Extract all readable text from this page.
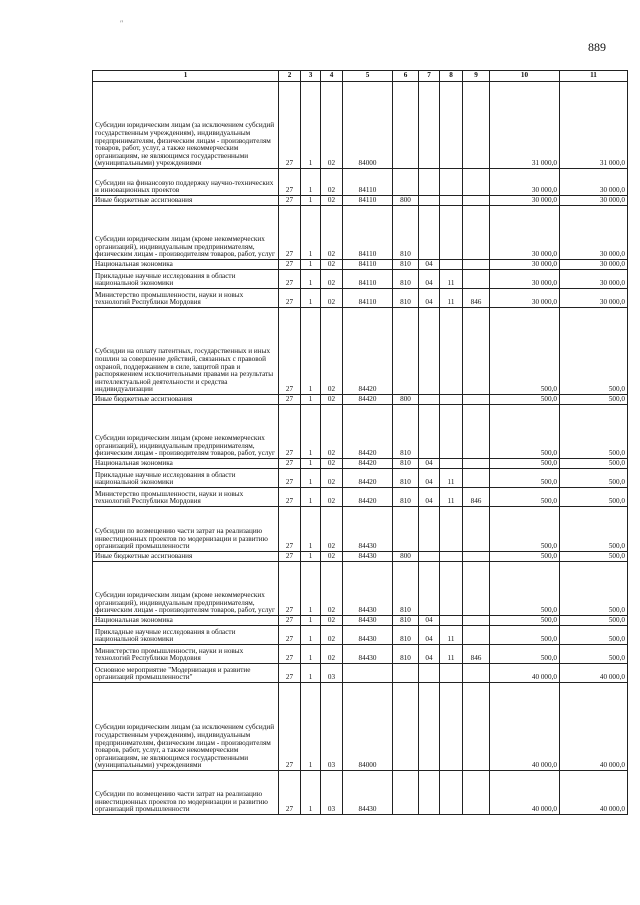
″
889
1	2	3	4	5	6	7	8	9	10	11
Субсидии юридическим лицам (за исключением субсидий государственным учреждениям), индивидуальным предпринимателям, физическим лицам - производителям товаров, работ, услуг, а также некоммерческим организациям, не являющимся государственными (муниципальными) учреждениями	27	1	02	84000					31 000,0	31 000,0
Субсидии на финансовую поддержку научно-технических и инновационных проектов	27	1	02	84110					30 000,0	30 000,0
Иные бюджетные ассигнования	27	1	02	84110	800				30 000,0	30 000,0
Субсидии юридическим лицам (кроме некоммерческих организаций), индивидуальным предпринимателям, физическим лицам - производителям товаров, работ, услуг	27	1	02	84110	810				30 000,0	30 000,0
Национальная экономика	27	1	02	84110	810	04			30 000,0	30 000,0
Прикладные научные исследования в области национальной экономики	27	1	02	84110	810	04	11		30 000,0	30 000,0
Министерство промышленности, науки и новых технологий Республики Мордовия	27	1	02	84110	810	04	11	846	30 000,0	30 000,0
Субсидии на оплату патентных, государственных и иных пошлин за совершение действий, связанных с правовой охраной, поддержанием в силе, защитой прав и распоряжением исключительными правами на результаты интеллектуальной деятельности и средства индивидуализации	27	1	02	84420					500,0	500,0
Иные бюджетные ассигнования	27	1	02	84420	800				500,0	500,0
Субсидии юридическим лицам (кроме некоммерческих организаций), индивидуальным предпринимателям, физическим лицам - производителям товаров, работ, услуг	27	1	02	84420	810				500,0	500,0
Национальная экономика	27	1	02	84420	810	04			500,0	500,0
Прикладные научные исследования в области национальной экономики	27	1	02	84420	810	04	11		500,0	500,0
Министерство промышленности, науки и новых технологий Республики Мордовия	27	1	02	84420	810	04	11	846	500,0	500,0
Субсидии по возмещению части затрат на реализацию инвестиционных проектов по модернизации и развитию организаций промышленности	27	1	02	84430					500,0	500,0
Иные бюджетные ассигнования	27	1	02	84430	800				500,0	500,0
Субсидии юридическим лицам (кроме некоммерческих организаций), индивидуальным предпринимателям, физическим лицам - производителям товаров, работ, услуг	27	1	02	84430	810				500,0	500,0
Национальная экономика	27	1	02	84430	810	04			500,0	500,0
Прикладные научные исследования в области национальной экономики	27	1	02	84430	810	04	11		500,0	500,0
Министерство промышленности, науки и новых технологий Республики Мордовия	27	1	02	84430	810	04	11	846	500,0	500,0
Основное мероприятие "Модернизация и развитие организаций промышленности"	27	1	03						40 000,0	40 000,0
Субсидии юридическим лицам (за исключением субсидий государственным учреждениям), индивидуальным предпринимателям, физическим лицам - производителям товаров, работ, услуг, а также некоммерческим организациям, не являющимся государственными (муниципальными) учреждениями	27	1	03	84000					40 000,0	40 000,0
Субсидии по возмещению части затрат на реализацию инвестиционных проектов по модернизации и развитию организаций промышленности	27	1	03	84430					40 000,0	40 000,0
